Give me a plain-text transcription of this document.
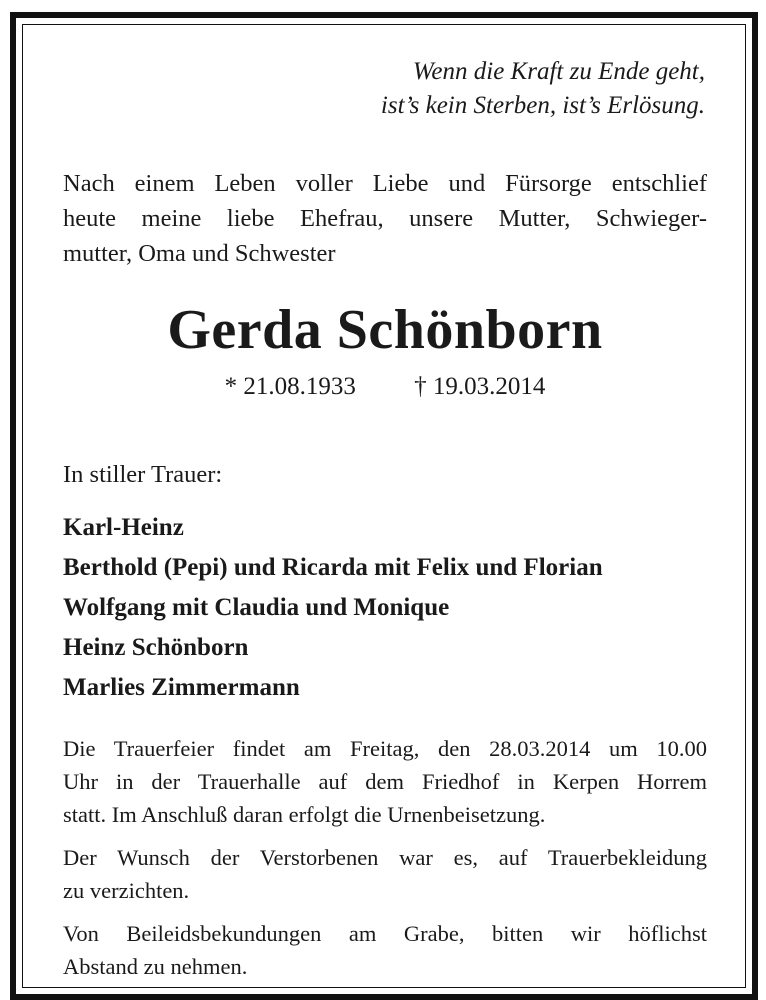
Wenn die Kraft zu Ende geht,
ist’s kein Sterben, ist’s Erlösung.
Nach einem Leben voller Liebe und Fürsorge entschlief
heute meine liebe Ehefrau, unsere Mutter, Schwieger-
mutter, Oma und Schwester
Gerda Schönborn
* 21.08.1933 † 19.03.2014
In stiller Trauer:
Karl-Heinz
Berthold (Pepi) und Ricarda mit Felix und Florian
Wolfgang mit Claudia und Monique
Heinz Schönborn
Marlies Zimmermann
Die Trauerfeier findet am Freitag, den 28.03.2014 um 10.00
Uhr in der Trauerhalle auf dem Friedhof in Kerpen Horrem
statt. Im Anschluß daran erfolgt die Urnenbeisetzung.
Der Wunsch der Verstorbenen war es, auf Trauerbekleidung
zu verzichten.
Von Beileidsbekundungen am Grabe, bitten wir höflichst
Abstand zu nehmen.
